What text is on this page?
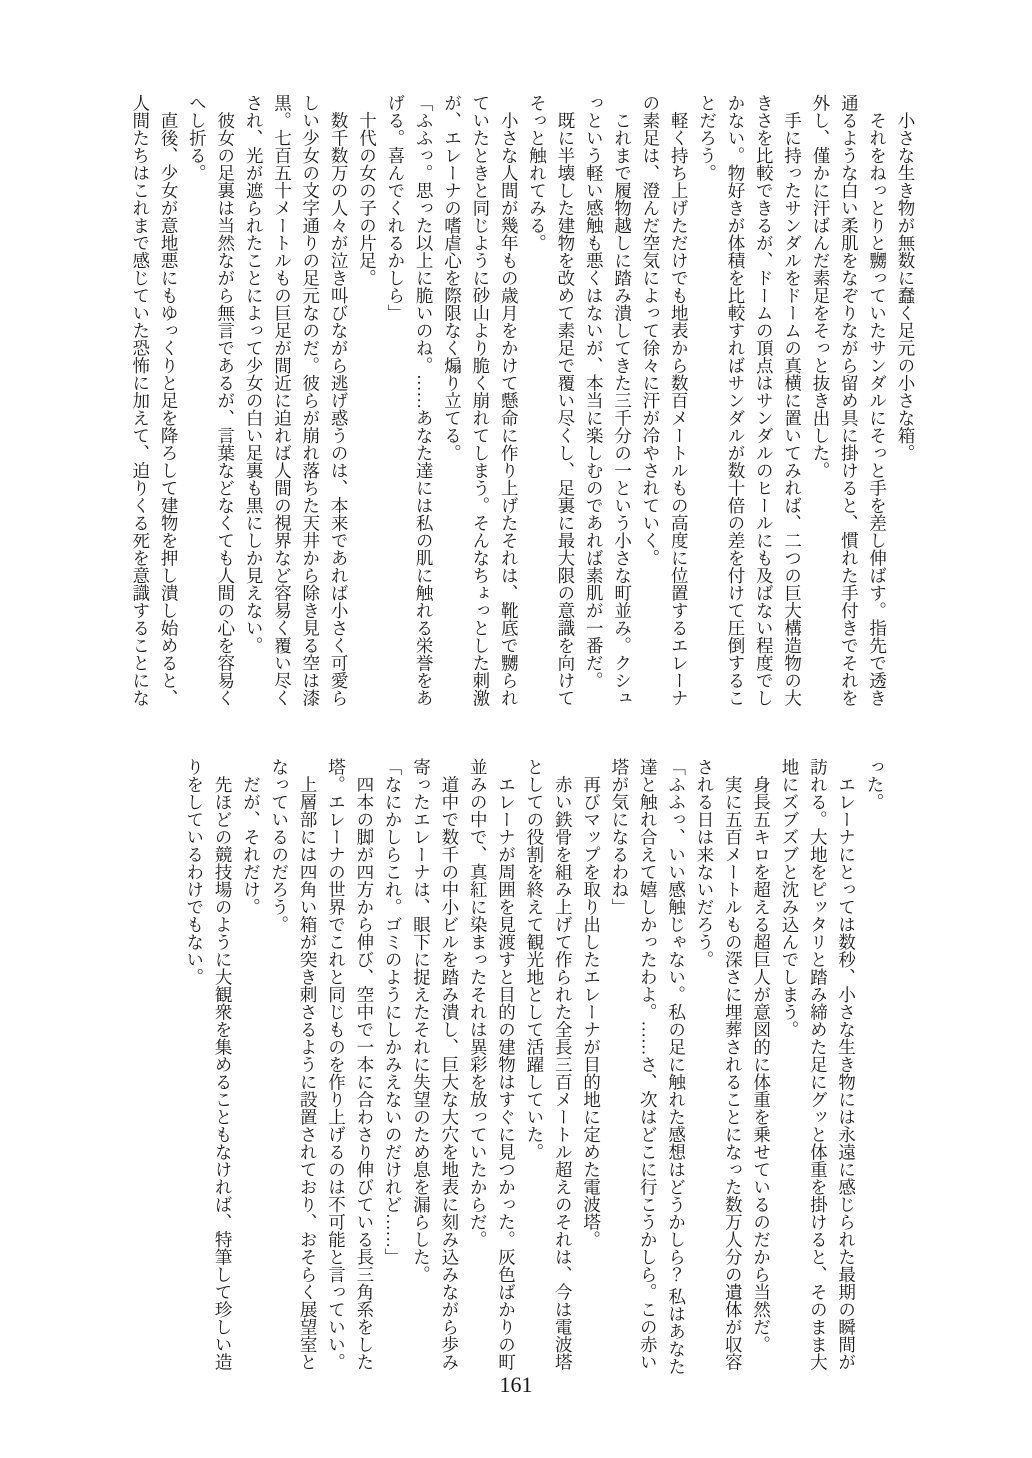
　小さな生き物が無数に蠢く足元の小さな箱。

　それをねっとりと嬲っていたサンダルにそっと手を差し伸ばす。指先で透き通るような白い柔肌をなぞりながら留め具に掛けると、慣れた手付きでそれを外し、僅かに汗ばんだ素足をそっと抜き出した。

　手に持ったサンダルをドームの真横に置いてみれば、二つの巨大構造物の大きさを比較できるが、ドームの頂点はサンダルのヒールにも及ばない程度でしかない。物好きが体積を比較すればサンダルが数十倍の差を付けて圧倒することだろう。

　軽く持ち上げただけでも地表から数百メートルもの高度に位置するエレーナの素足は、澄んだ空気によって徐々に汗が冷やされていく。

　これまで履物越しに踏み潰してきた三千分の一という小さな町並み。クシュっという軽い感触も悪くはないが、本当に楽しむのであれば素肌が一番だ。

　既に半壊した建物を改めて素足で覆い尽くし、足裏に最大限の意識を向けてそっと触れてみる。

　小さな人間が幾年もの歳月をかけて懸命に作り上げたそれは、靴底で嬲られていたときと同じように砂山より脆く崩れてしまう。そんなちょっとした刺激が、エレーナの嗜虐心を際限なく煽り立てる。

「ふふっ。思った以上に脆いのね。……あなた達には私の肌に触れる栄誉をあげる。喜んでくれるかしら」

　十代の女の子の片足。

　数千数万の人々が泣き叫びながら逃げ惑うのは、本来であれば小さく可愛らしい少女の文字通りの足元なのだ。彼らが崩れ落ちた天井から除き見る空は漆黒。七百五十メートルもの巨足が間近に迫れば人間の視界など容易く覆い尽くされ、光が遮られたことによって少女の白い足裏も黒にしか見えない。

　彼女の足裏は当然ながら無言であるが、言葉などなくても人間の心を容易くへし折る。

　直後、少女が意地悪にもゆっくりと足を降ろして建物を押し潰し始めると、人間たちはこれまで感じていた恐怖に加えて、迫りくる死を意識することにな

った。

　エレーナにとっては数秒、小さな生き物には永遠に感じられた最期の瞬間が訪れる。大地をピッタリと踏み締めた足にグッと体重を掛けると、そのまま大地にズブズブと沈み込んでしまう。

　身長五キロを超える超巨人が意図的に体重を乗せているのだから当然だ。

　実に五百メートルもの深さに埋葬されることになった数万人分の遺体が収容される日は来ないだろう。

「ふふっ、いい感触じゃない。私の足に触れた感想はどうかしら？ 私はあなた達と触れ合えて嬉しかったわよ。……さ、次はどこに行こうかしら。この赤い塔が気になるわね」

　再びマップを取り出したエレーナが目的地に定めた電波塔。

　赤い鉄骨を組み上げて作られた全長三百メートル超えのそれは、今は電波塔としての役割を終えて観光地として活躍していた。

　エレーナが周囲を見渡すと目的の建物はすぐに見つかった。灰色ばかりの町並みの中で、真紅に染まったそれは異彩を放っていたからだ。

　道中で数千の中小ビルを踏み潰し、巨大な大穴を地表に刻み込みながら歩み寄ったエレーナは、眼下に捉えたそれに失望のため息を漏らした。

「なにかしらこれ。ゴミのようにしかみえないのだけれど……」

　四本の脚が四方から伸び、空中で一本に合わさり伸びている長三角系をした塔。エレーナの世界でこれと同じものを作り上げるのは不可能と言っていい。

　上層部には四角い箱が突き刺さるように設置されており、おそらく展望室となっているのだろう。

　だが、それだけ。

　先ほどの競技場のように大観衆を集めることもなければ、特筆して珍しい造りをしているわけでもない。

161
